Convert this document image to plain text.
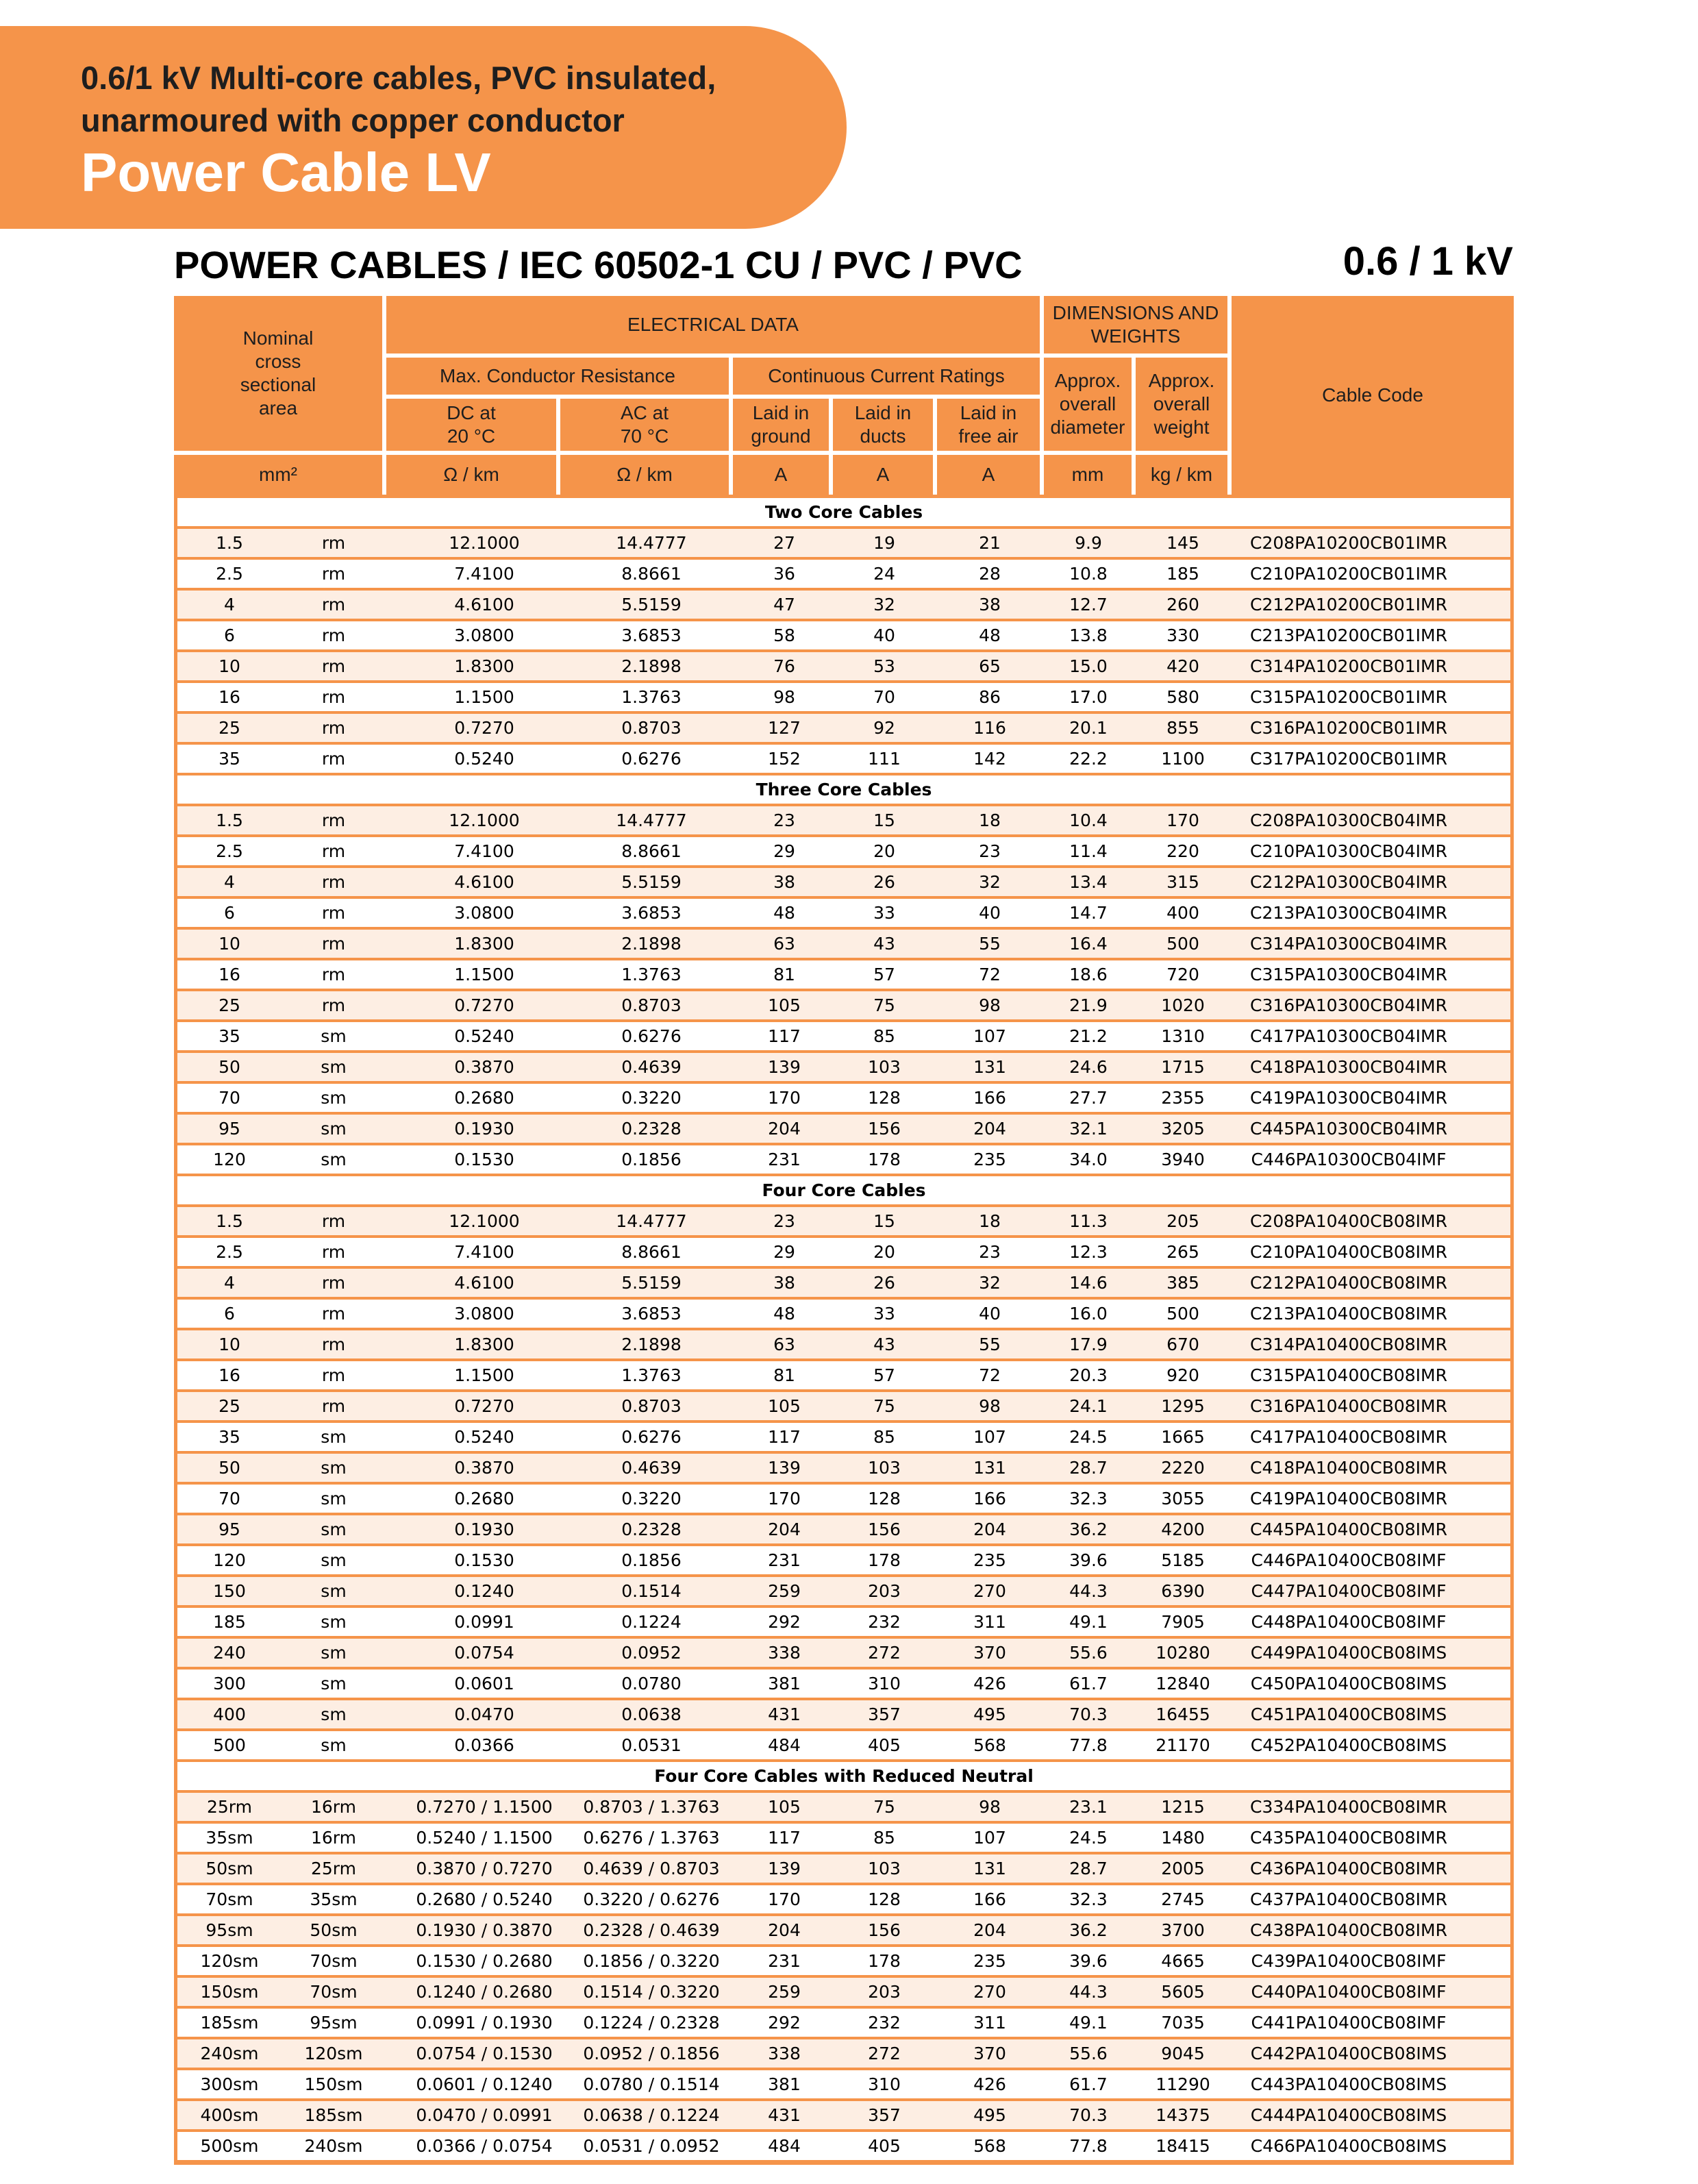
0.6/1 kV Multi-core cables, PVC insulated,
unarmoured with copper conductor
Power Cable LV
POWER CABLES / IEC 60502-1 CU / PVC / PVC	0.6 / 1 kV
Nominal
cross
sectional
area
ELECTRICAL DATA
DIMENSIONS AND
WEIGHTS
Cable Code
Max. Conductor Resistance	Continuous Current Ratings	Approx.
overall
diameter
Approx.
overall
weight
DC at
20 °C
AC at
70 °C
Laid in
ground
Laid in
ducts
Laid in
free air
mm²	Ω / km	Ω / km	A	A	A	mm kg / km
Two Core Cables
1.5	rm	12.1000	14.4777	27	19	21	9.9	145	C208PA10200CB01IMR
2.5	rm	7.4100	8.8661	36	24	28	10.8	185	C210PA10200CB01IMR
4	rm	4.6100	5.5159	47	32	38	12.7	260	C212PA10200CB01IMR
6	rm	3.0800	3.6853	58	40	48	13.8	330	C213PA10200CB01IMR
10	rm	1.8300	2.1898	76	53	65	15.0	420	C314PA10200CB01IMR
16	rm	1.1500	1.3763	98	70	86	17.0	580	C315PA10200CB01IMR
25	rm	0.7270	0.8703	127	92	116	20.1	855	C316PA10200CB01IMR
35	rm	0.5240	0.6276	152	111	142	22.2	1100	C317PA10200CB01IMR
Three Core Cables
1.5	rm	12.1000	14.4777	23	15	18	10.4	170	C208PA10300CB04IMR
2.5	rm	7.4100	8.8661	29	20	23	11.4	220	C210PA10300CB04IMR
4	rm	4.6100	5.5159	38	26	32	13.4	315	C212PA10300CB04IMR
6	rm	3.0800	3.6853	48	33	40	14.7	400	C213PA10300CB04IMR
10	rm	1.8300	2.1898	63	43	55	16.4	500	C314PA10300CB04IMR
16	rm	1.1500	1.3763	81	57	72	18.6	720	C315PA10300CB04IMR
25	rm	0.7270	0.8703	105	75	98	21.9	1020	C316PA10300CB04IMR
35	sm	0.5240	0.6276	117	85	107	21.2	1310	C417PA10300CB04IMR
50	sm	0.3870	0.4639	139	103	131	24.6	1715	C418PA10300CB04IMR
70	sm	0.2680	0.3220	170	128	166	27.7	2355	C419PA10300CB04IMR
95	sm	0.1930	0.2328	204	156	204	32.1	3205	C445PA10300CB04IMR
120	sm	0.1530	0.1856	231	178	235	34.0	3940	C446PA10300CB04IMF
Four Core Cables
1.5	rm	12.1000	14.4777	23	15	18	11.3	205	C208PA10400CB08IMR
2.5	rm	7.4100	8.8661	29	20	23	12.3	265	C210PA10400CB08IMR
4	rm	4.6100	5.5159	38	26	32	14.6	385	C212PA10400CB08IMR
6	rm	3.0800	3.6853	48	33	40	16.0	500	C213PA10400CB08IMR
10	rm	1.8300	2.1898	63	43	55	17.9	670	C314PA10400CB08IMR
16	rm	1.1500	1.3763	81	57	72	20.3	920	C315PA10400CB08IMR
25	rm	0.7270	0.8703	105	75	98	24.1	1295	C316PA10400CB08IMR
35	sm	0.5240	0.6276	117	85	107	24.5	1665	C417PA10400CB08IMR
50	sm	0.3870	0.4639	139	103	131	28.7	2220	C418PA10400CB08IMR
70	sm	0.2680	0.3220	170	128	166	32.3	3055	C419PA10400CB08IMR
95	sm	0.1930	0.2328	204	156	204	36.2	4200	C445PA10400CB08IMR
120	sm	0.1530	0.1856	231	178	235	39.6	5185	C446PA10400CB08IMF
150	sm	0.1240	0.1514	259	203	270	44.3	6390	C447PA10400CB08IMF
185	sm	0.0991	0.1224	292	232	311	49.1	7905	C448PA10400CB08IMF
240	sm	0.0754	0.0952	338	272	370	55.6	10280	C449PA10400CB08IMS
300	sm	0.0601	0.0780	381	310	426	61.7	12840	C450PA10400CB08IMS
400	sm	0.0470	0.0638	431	357	495	70.3	16455	C451PA10400CB08IMS
500	sm	0.0366	0.0531	484	405	568	77.8	21170	C452PA10400CB08IMS
Four Core Cables with Reduced Neutral
25rm	16rm	0.7270 / 1.1500	0.8703 / 1.3763	105	75	98	23.1	1215	C334PA10400CB08IMR
35sm	16rm	0.5240 / 1.1500	0.6276 / 1.3763	117	85	107	24.5	1480	C435PA10400CB08IMR
50sm	25rm	0.3870 / 0.7270	0.4639 / 0.8703	139	103	131	28.7	2005	C436PA10400CB08IMR
70sm	35sm	0.2680 / 0.5240	0.3220 / 0.6276	170	128	166	32.3	2745	C437PA10400CB08IMR
95sm	50sm	0.1930 / 0.3870	0.2328 / 0.4639	204	156	204	36.2	3700	C438PA10400CB08IMR
120sm	70sm	0.1530 / 0.2680	0.1856 / 0.3220	231	178	235	39.6	4665	C439PA10400CB08IMF
150sm	70sm	0.1240 / 0.2680	0.1514 / 0.3220	259	203	270	44.3	5605	C440PA10400CB08IMF
185sm	95sm	0.0991 / 0.1930	0.1224 / 0.2328	292	232	311	49.1	7035	C441PA10400CB08IMF
240sm	120sm	0.0754 / 0.1530	0.0952 / 0.1856	338	272	370	55.6	9045	C442PA10400CB08IMS
300sm	150sm	0.0601 / 0.1240	0.0780 / 0.1514	381	310	426	61.7	11290	C443PA10400CB08IMS
400sm	185sm	0.0470 / 0.0991	0.0638 / 0.1224	431	357	495	70.3	14375	C444PA10400CB08IMS
500sm	240sm	0.0366 / 0.0754	0.0531 / 0.0952	484	405	568	77.8	18415	C466PA10400CB08IMS
